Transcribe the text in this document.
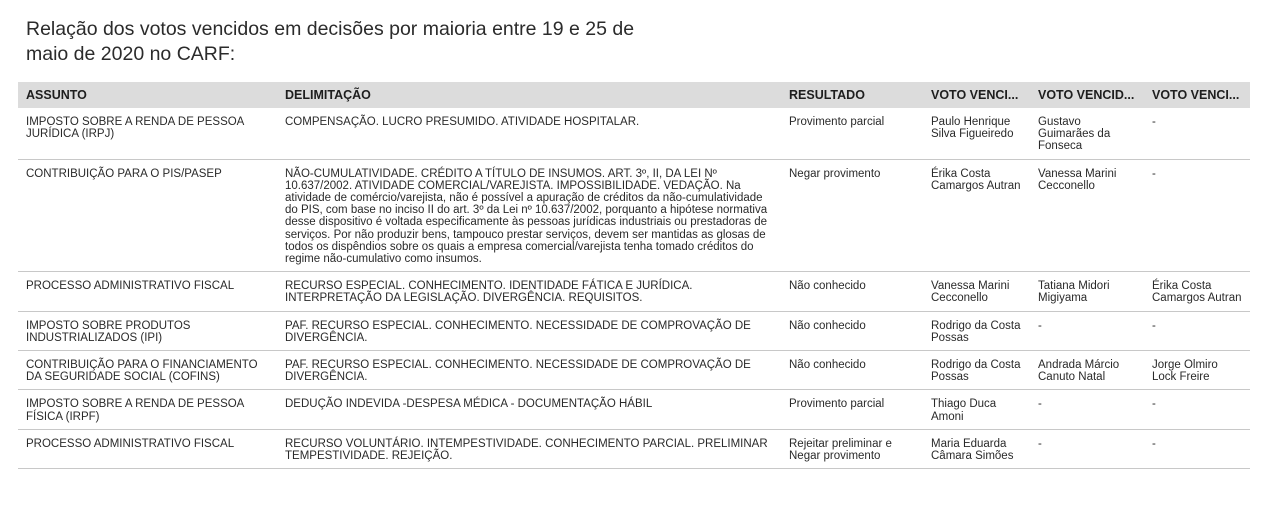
Relação dos votos vencidos em decisões por maioria entre 19 e 25 de maio de 2020 no CARF:
ASSUNTO	DELIMITAÇÃO	RESULTADO	VOTO VENCI...	VOTO VENCID...	VOTO VENCI...
IMPOSTO SOBRE A RENDA DE PESSOA JURÍDICA (IRPJ)	COMPENSAÇÃO. LUCRO PRESUMIDO. ATIVIDADE HOSPITALAR.	Provimento parcial	Paulo Henrique Silva Figueiredo	Gustavo Guimarães da Fonseca	-
CONTRIBUIÇÃO PARA O PIS/PASEP	NÃO-CUMULATIVIDADE. CRÉDITO A TÍTULO DE INSUMOS. ART. 3º, II, DA LEI Nº 10.637/2002. ATIVIDADE COMERCIAL/VAREJISTA. IMPOSSIBILIDADE. VEDAÇÃO. Na atividade de comércio/varejista, não é possível a apuração de créditos da não-cumulatividade do PIS, com base no inciso II do art. 3º da Lei nº 10.637/2002, porquanto a hipótese normativa desse dispositivo é voltada especificamente às pessoas jurídicas industriais ou prestadoras de serviços. Por não produzir bens, tampouco prestar serviços, devem ser mantidas as glosas de todos os dispêndios sobre os quais a empresa comercial/varejista tenha tomado créditos do regime não-cumulativo como insumos.	Negar provimento	Érika Costa Camargos Autran	Vanessa Marini Cecconello	-
PROCESSO ADMINISTRATIVO FISCAL	RECURSO ESPECIAL. CONHECIMENTO. IDENTIDADE FÁTICA E JURÍDICA. INTERPRETAÇÃO DA LEGISLAÇÃO. DIVERGÊNCIA. REQUISITOS.	Não conhecido	Vanessa Marini Cecconello	Tatiana Midori Migiyama	Érika Costa Camargos Autran
IMPOSTO SOBRE PRODUTOS INDUSTRIALIZADOS (IPI)	PAF. RECURSO ESPECIAL. CONHECIMENTO. NECESSIDADE DE COMPROVAÇÃO DE DIVERGÊNCIA.	Não conhecido	Rodrigo da Costa Possas	-	-
CONTRIBUIÇÃO PARA O FINANCIAMENTO DA SEGURIDADE SOCIAL (COFINS)	PAF. RECURSO ESPECIAL. CONHECIMENTO. NECESSIDADE DE COMPROVAÇÃO DE DIVERGÊNCIA.	Não conhecido	Rodrigo da Costa Possas	Andrada Márcio Canuto Natal	Jorge Olmiro Lock Freire
IMPOSTO SOBRE A RENDA DE PESSOA FÍSICA (IRPF)	DEDUÇÃO INDEVIDA -DESPESA MÉDICA - DOCUMENTAÇÃO HÁBIL	Provimento parcial	Thiago Duca Amoni	-	-
PROCESSO ADMINISTRATIVO FISCAL	RECURSO VOLUNTÁRIO. INTEMPESTIVIDADE. CONHECIMENTO PARCIAL. PRELIMINAR TEMPESTIVIDADE. REJEIÇÃO.	Rejeitar preliminar e Negar provimento	Maria Eduarda Câmara Simões	-	-
